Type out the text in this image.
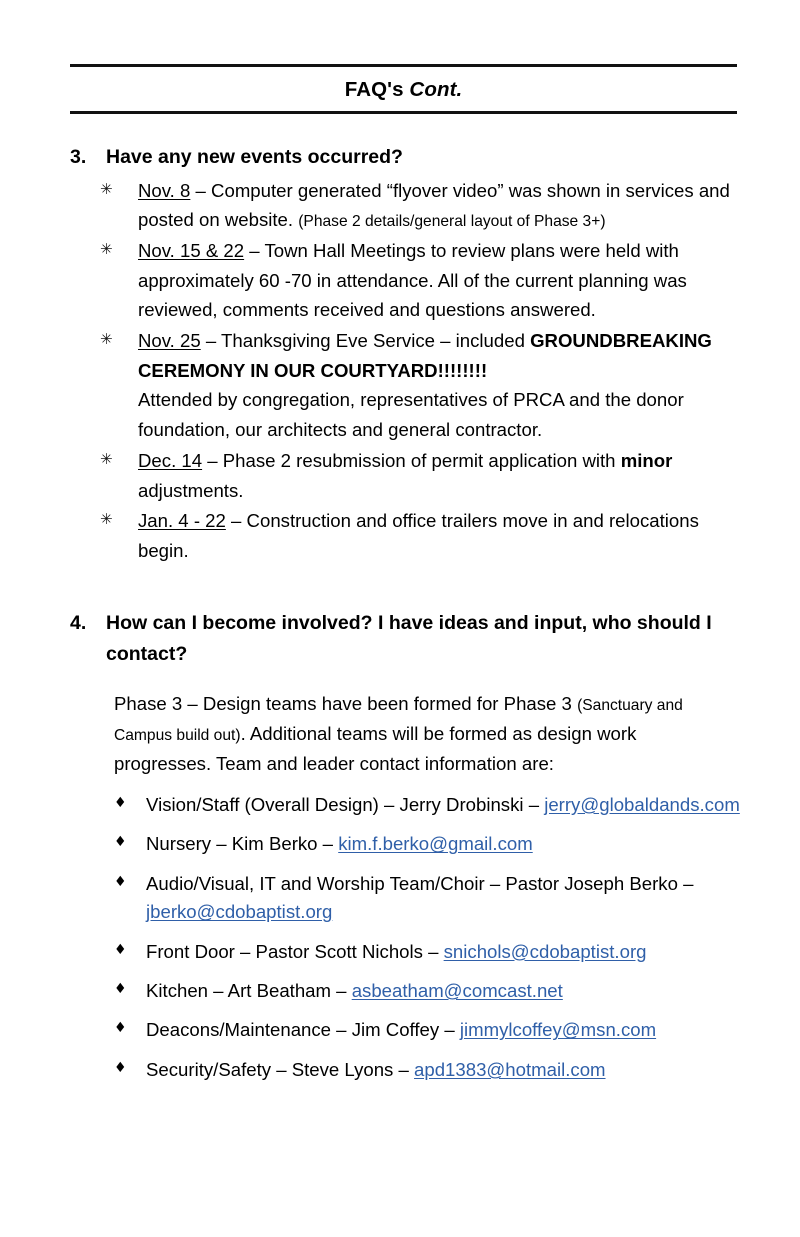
FAQ's Cont.
3.	Have any new events occurred?
✳	Nov. 8 – Computer generated “flyover video” was shown in services and posted on website. (Phase 2 details/general layout of Phase 3+)
✳	Nov. 15 & 22 – Town Hall Meetings to review plans were held with approximately 60 -70 in attendance. All of the current planning was reviewed, comments received and questions answered.
✳	Nov. 25 – Thanksgiving Eve Service – included GROUNDBREAKING CEREMONY IN OUR COURTYARD!!!!!!!!
Attended by congregation, representatives of PRCA and the donor foundation, our architects and general contractor.
✳	Dec. 14 – Phase 2 resubmission of permit application with minor adjustments.
✳	Jan. 4 - 22 – Construction and office trailers move in and relocations begin.
4.	How can I become involved? I have ideas and input, who should I contact?
Phase 3 – Design teams have been formed for Phase 3 (Sanctuary and Campus build out). Additional teams will be formed as design work progresses. Team and leader contact information are:
♦	Vision/Staff (Overall Design) – Jerry Drobinski – jerry@globaldands.com
♦	Nursery – Kim Berko – kim.f.berko@gmail.com
♦	Audio/Visual, IT and Worship Team/Choir – Pastor Joseph Berko – jberko@cdobaptist.org
♦	Front Door – Pastor Scott Nichols – snichols@cdobaptist.org
♦	Kitchen – Art Beatham – asbeatham@comcast.net
♦	Deacons/Maintenance – Jim Coffey – jimmylcoffey@msn.com
♦	Security/Safety – Steve Lyons – apd1383@hotmail.com
